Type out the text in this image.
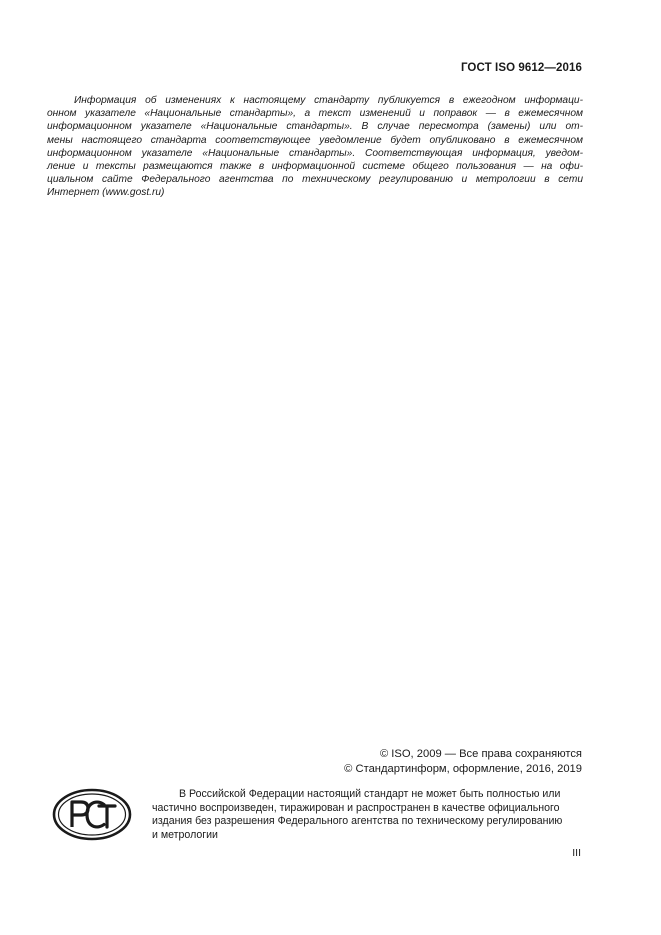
ГОСТ ISO 9612—2016
Информация об изменениях к настоящему стандарту публикуется в ежегодном информаци-
онном указателе «Национальные стандарты», а текст изменений и поправок — в ежемесячном
информационном указателе «Национальные стандарты». В случае пересмотра (замены) или от-
мены настоящего стандарта соответствующее уведомление будет опубликовано в ежемесячном
информационном указателе «Национальные стандарты». Соответствующая информация, уведом-
ление и тексты размещаются также в информационной системе общего пользования — на офи-
циальном сайте Федерального агентства по техническому регулированию и метрологии в сети
Интернет (www.gost.ru)
© ISO, 2009 — Все права сохраняются
© Стандартинформ, оформление, 2016, 2019
В Российской Федерации настоящий стандарт не может быть полностью или
частично воспроизведен, тиражирован и распространен в качестве официального
издания без разрешения Федерального агентства по техническому регулированию
и метрологии
III
